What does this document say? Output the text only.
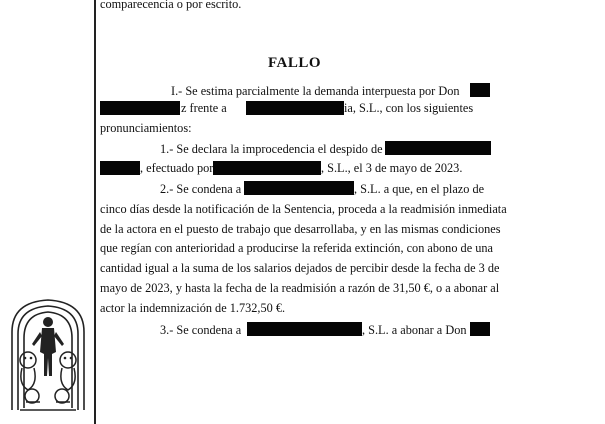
comparecencia o por escrito.
FALLO
I.- Se estima parcialmente la demanda interpuesta por Don
z frente a	ia, S.L., con los siguientes
pronunciamientos:
1.- Se declara la improcedencia el despido de
, efectuado por	, S.L., el 3 de mayo de 2023.
2.- Se condena a	, S.L. a que, en el plazo de
cinco días desde la notificación de la Sentencia, proceda a la readmisión inmediata
de la actora en el puesto de trabajo que desarrollaba, y en las mismas condiciones
que regían con anterioridad a producirse la referida extinción, con abono de una
cantidad igual a la suma de los salarios dejados de percibir desde la fecha de 3 de
mayo de 2023, y hasta la fecha de la readmisión a razón de 31,50 €, o a abonar al
actor la indemnización de 1.732,50 €.
3.- Se condena a	, S.L. a abonar a Don
